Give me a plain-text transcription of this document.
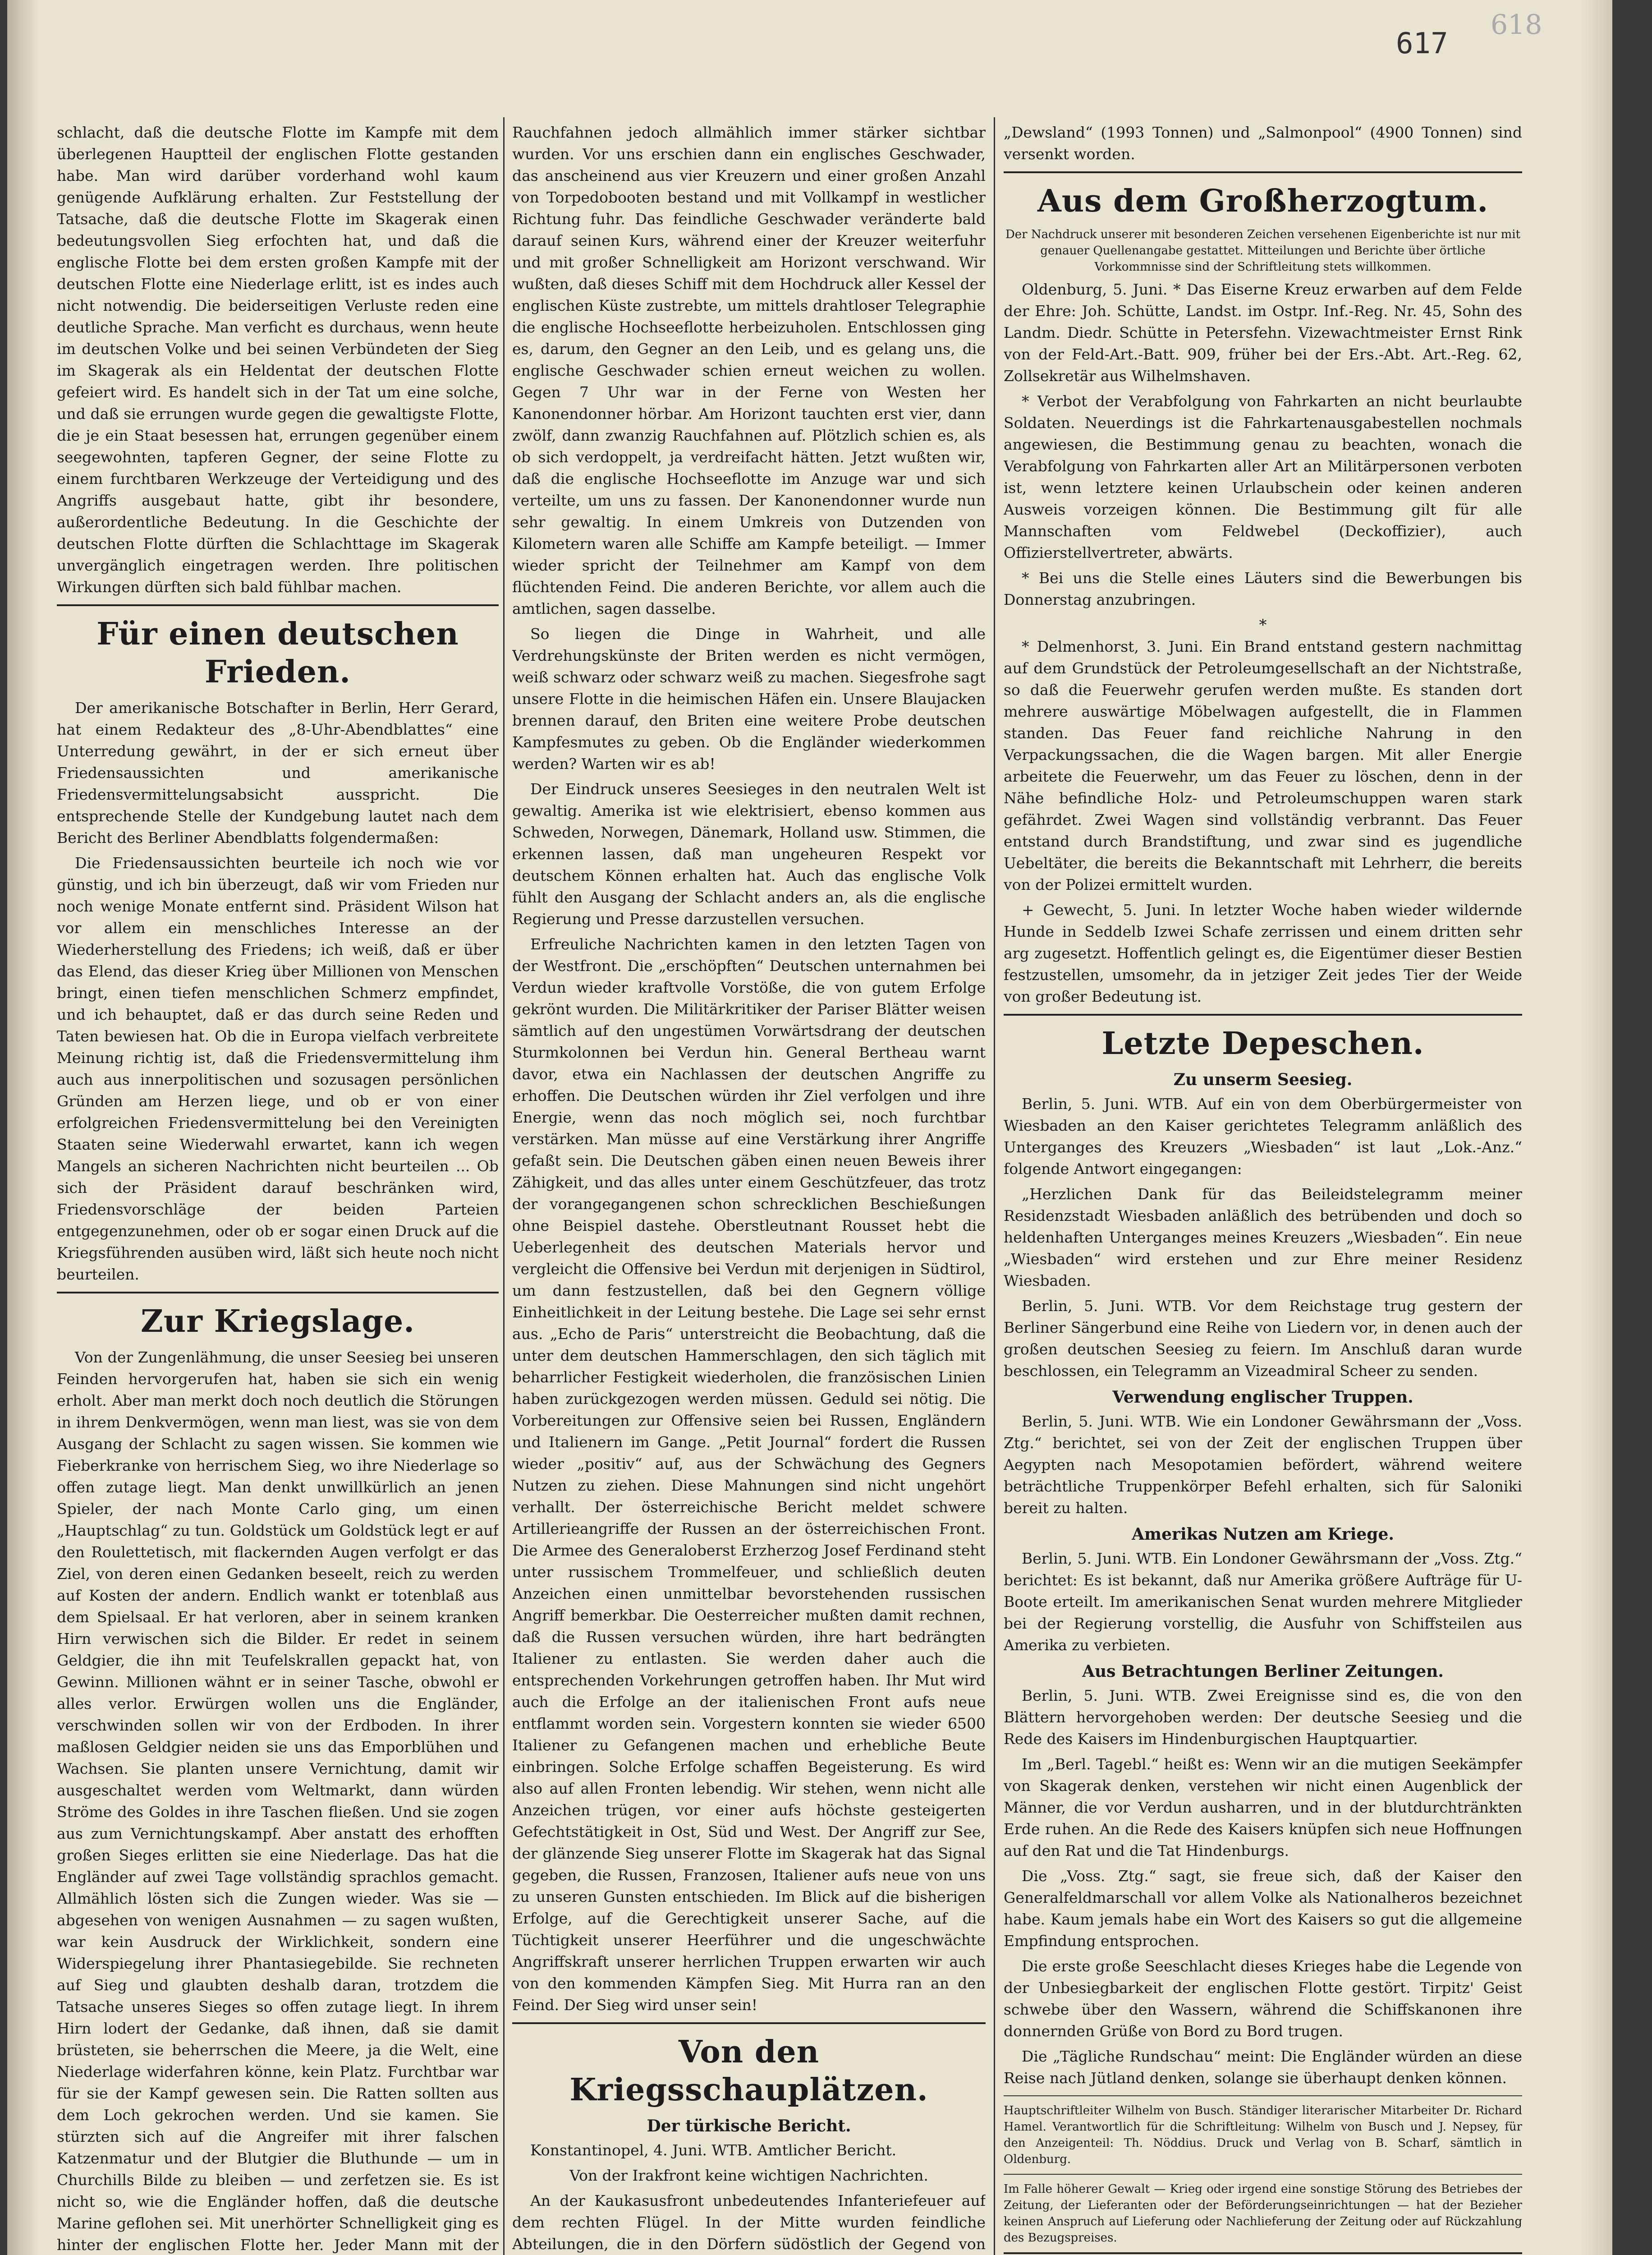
618
617

schlacht, daß die deutsche Flotte im Kampfe mit dem überlegenen Hauptteil der englischen Flotte gestanden habe. Man wird darüber vorderhand wohl kaum genügende Aufklärung erhalten. Zur Feststellung der Tatsache, daß die deutsche Flotte im Skagerak einen bedeutungsvollen Sieg erfochten hat, und daß die englische Flotte bei dem ersten großen Kampfe mit der deutschen Flotte eine Niederlage erlitt, ist es indes auch nicht notwendig. Die beiderseitigen Verluste reden eine deutliche Sprache. Man verficht es durchaus, wenn heute im deutschen Volke und bei seinen Verbündeten der Sieg im Skagerak als ein Heldentat der deutschen Flotte gefeiert wird. Es handelt sich in der Tat um eine solche, und daß sie errungen wurde gegen die gewaltigste Flotte, die je ein Staat besessen hat, errungen gegenüber einem seegewohnten, tapferen Gegner, der seine Flotte zu einem furchtbaren Werkzeuge der Verteidigung und des Angriffs ausgebaut hatte, gibt ihr besondere, außerordentliche Bedeutung. In die Geschichte der deutschen Flotte dürften die Schlachttage im Skagerak unvergänglich eingetragen werden. Ihre politischen Wirkungen dürften sich bald fühlbar machen.

Für einen deutschen Frieden.

Der amerikanische Botschafter in Berlin, Herr Gerard, hat einem Redakteur des „8-Uhr-Abendblattes“ eine Unterredung gewährt, in der er sich erneut über Friedensaussichten und amerikanische Friedensvermittelungsabsicht ausspricht. Die entsprechende Stelle der Kundgebung lautet nach dem Bericht des Berliner Abendblatts folgendermaßen:

Die Friedensaussichten beurteile ich noch wie vor günstig, und ich bin überzeugt, daß wir vom Frieden nur noch wenige Monate entfernt sind. Präsident Wilson hat vor allem ein menschliches Interesse an der Wiederherstellung des Friedens; ich weiß, daß er über das Elend, das dieser Krieg über Millionen von Menschen bringt, einen tiefen menschlichen Schmerz empfindet, und ich behauptet, daß er das durch seine Reden und Taten bewiesen hat. Ob die in Europa vielfach verbreitete Meinung richtig ist, daß die Friedensvermittelung ihm auch aus innerpolitischen und sozusagen persönlichen Gründen am Herzen liege, und ob er von einer erfolgreichen Friedensvermittelung bei den Vereinigten Staaten seine Wiederwahl erwartet, kann ich wegen Mangels an sicheren Nachrichten nicht beurteilen ... Ob sich der Präsident darauf beschränken wird, Friedensvorschläge der beiden Parteien entgegenzunehmen, oder ob er sogar einen Druck auf die Kriegsführenden ausüben wird, läßt sich heute noch nicht beurteilen.

Zur Kriegslage.

Von der Zungenlähmung, die unser Seesieg bei unseren Feinden hervorgerufen hat, haben sie sich ein wenig erholt. Aber man merkt doch noch deutlich die Störungen in ihrem Denkvermögen, wenn man liest, was sie von dem Ausgang der Schlacht zu sagen wissen. Sie kommen wie Fieberkranke von herrischem Sieg, wo ihre Niederlage so offen zutage liegt. Man denkt unwillkürlich an jenen Spieler, der nach Monte Carlo ging, um einen „Hauptschlag“ zu tun. Goldstück um Goldstück legt er auf den Roulettetisch, mit flackernden Augen verfolgt er das Ziel, von deren einen Gedanken beseelt, reich zu werden auf Kosten der andern. Endlich wankt er totenblaß aus dem Spielsaal. Er hat verloren, aber in seinem kranken Hirn verwischen sich die Bilder. Er redet in seinem Geldgier, die ihn mit Teufelskrallen gepackt hat, von Gewinn. Millionen wähnt er in seiner Tasche, obwohl er alles verlor. Erwürgen wollen uns die Engländer, verschwinden sollen wir von der Erdboden. In ihrer maßlosen Geldgier neiden sie uns das Emporblühen und Wachsen. Sie planten unsere Vernichtung, damit wir ausgeschaltet werden vom Weltmarkt, dann würden Ströme des Goldes in ihre Taschen fließen. Und sie zogen aus zum Vernichtungskampf. Aber anstatt des erhofften großen Sieges erlitten sie eine Niederlage. Das hat die Engländer auf zwei Tage vollständig sprachlos gemacht. Allmählich lösten sich die Zungen wieder. Was sie — abgesehen von wenigen Ausnahmen — zu sagen wußten, war kein Ausdruck der Wirklichkeit, sondern eine Widerspiegelung ihrer Phantasiegebilde. Sie rechneten auf Sieg und glaubten deshalb daran, trotzdem die Tatsache unseres Sieges so offen zutage liegt. In ihrem Hirn lodert der Gedanke, daß ihnen, daß sie damit brüsteten, sie beherrschen die Meere, ja die Welt, eine Niederlage widerfahren könne, kein Platz. Furchtbar war für sie der Kampf gewesen sein. Die Ratten sollten aus dem Loch gekrochen werden. Und sie kamen. Sie stürzten sich auf die Angreifer mit ihrer falschen Katzenmatur und der Blutgier die Bluthunde — um in Churchills Bilde zu bleiben — und zerfetzen sie. Es ist nicht so, wie die Engländer hoffen, daß die deutsche Marine geflohen sei. Mit unerhörter Schnelligkeit ging es hinter der englischen Flotte her. Jeder Mann mit der

Rauchfahnen jedoch allmählich immer stärker sichtbar wurden. Vor uns erschien dann ein englisches Geschwader, das anscheinend aus vier Kreuzern und einer großen Anzahl von Torpedobooten bestand und mit Vollkampf in westlicher Richtung fuhr. Das feindliche Geschwader veränderte bald darauf seinen Kurs, während einer der Kreuzer weiterfuhr und mit großer Schnelligkeit am Horizont verschwand. Wir wußten, daß dieses Schiff mit dem Hochdruck aller Kessel der englischen Küste zustrebte, um mittels drahtloser Telegraphie die englische Hochseeflotte herbeizuholen. Entschlossen ging es, darum, den Gegner an den Leib, und es gelang uns, die englische Geschwader schien erneut weichen zu wollen. Gegen 7 Uhr war in der Ferne von Westen her Kanonendonner hörbar. Am Horizont tauchten erst vier, dann zwölf, dann zwanzig Rauchfahnen auf. Plötzlich schien es, als ob sich verdoppelt, ja verdreifacht hätten. Jetzt wußten wir, daß die englische Hochseeflotte im Anzuge war und sich verteilte, um uns zu fassen. Der Kanonendonner wurde nun sehr gewaltig. In einem Umkreis von Dutzenden von Kilometern waren alle Schiffe am Kampfe beteiligt. — Immer wieder spricht der Teilnehmer am Kampf von dem flüchtenden Feind. Die anderen Berichte, vor allem auch die amtlichen, sagen dasselbe.

So liegen die Dinge in Wahrheit, und alle Verdrehungskünste der Briten werden es nicht vermögen, weiß schwarz oder schwarz weiß zu machen. Siegesfrohe sagt unsere Flotte in die heimischen Häfen ein. Unsere Blaujacken brennen darauf, den Briten eine weitere Probe deutschen Kampfesmutes zu geben. Ob die Engländer wiederkommen werden? Warten wir es ab!

Der Eindruck unseres Seesieges in den neutralen Welt ist gewaltig. Amerika ist wie elektrisiert, ebenso kommen aus Schweden, Norwegen, Dänemark, Holland usw. Stimmen, die erkennen lassen, daß man ungeheuren Respekt vor deutschem Können erhalten hat. Auch das englische Volk fühlt den Ausgang der Schlacht anders an, als die englische Regierung und Presse darzustellen versuchen.

Erfreuliche Nachrichten kamen in den letzten Tagen von der Westfront. Die „erschöpften“ Deutschen unternahmen bei Verdun wieder kraftvolle Vorstöße, die von gutem Erfolge gekrönt wurden. Die Militärkritiker der Pariser Blätter weisen sämtlich auf den ungestümen Vorwärtsdrang der deutschen Sturmkolonnen bei Verdun hin. General Bertheau warnt davor, etwa ein Nachlassen der deutschen Angriffe zu erhoffen. Die Deutschen würden ihr Ziel verfolgen und ihre Energie, wenn das noch möglich sei, noch furchtbar verstärken. Man müsse auf eine Verstärkung ihrer Angriffe gefaßt sein. Die Deutschen gäben einen neuen Beweis ihrer Zähigkeit, und das alles unter einem Geschützfeuer, das trotz der vorangegangenen schon schrecklichen Beschießungen ohne Beispiel dastehe. Oberstleutnant Rousset hebt die Ueberlegenheit des deutschen Materials hervor und vergleicht die Offensive bei Verdun mit derjenigen in Südtirol, um dann festzustellen, daß bei den Gegnern völlige Einheitlichkeit in der Leitung bestehe. Die Lage sei sehr ernst aus. „Echo de Paris“ unterstreicht die Beobachtung, daß die unter dem deutschen Hammerschlagen, den sich täglich mit beharrlicher Festigkeit wiederholen, die französischen Linien haben zurückgezogen werden müssen. Geduld sei nötig. Die Vorbereitungen zur Offensive seien bei Russen, Engländern und Italienern im Gange. „Petit Journal“ fordert die Russen wieder „positiv“ auf, aus der Schwächung des Gegners Nutzen zu ziehen. Diese Mahnungen sind nicht ungehört verhallt. Der österreichische Bericht meldet schwere Artillerieangriffe der Russen an der österreichischen Front. Die Armee des Generaloberst Erzherzog Josef Ferdinand steht unter russischem Trommelfeuer, und schließlich deuten Anzeichen einen unmittelbar bevorstehenden russischen Angriff bemerkbar. Die Oesterreicher mußten damit rechnen, daß die Russen versuchen würden, ihre hart bedrängten Italiener zu entlasten. Sie werden daher auch die entsprechenden Vorkehrungen getroffen haben. Ihr Mut wird auch die Erfolge an der italienischen Front aufs neue entflammt worden sein. Vorgestern konnten sie wieder 6500 Italiener zu Gefangenen machen und erhebliche Beute einbringen. Solche Erfolge schaffen Begeisterung. Es wird also auf allen Fronten lebendig. Wir stehen, wenn nicht alle Anzeichen trügen, vor einer aufs höchste gesteigerten Gefechtstätigkeit in Ost, Süd und West. Der Angriff zur See, der glänzende Sieg unserer Flotte im Skagerak hat das Signal gegeben, die Russen, Franzosen, Italiener aufs neue von uns zu unseren Gunsten entschieden. Im Blick auf die bisherigen Erfolge, auf die Gerechtigkeit unserer Sache, auf die Tüchtigkeit unserer Heerführer und die ungeschwächte Angriffskraft unserer herrlichen Truppen erwarten wir auch von den kommenden Kämpfen Sieg. Mit Hurra ran an den Feind. Der Sieg wird unser sein!

Von den Kriegsschauplätzen.
Der türkische Bericht.

Konstantinopel, 4. Juni. WTB. Amtlicher Bericht.

Von der Irakfront keine wichtigen Nachrichten.

An der Kaukasusfront unbedeutendes Infanteriefeuer auf dem rechten Flügel. In der Mitte wurden feindliche Abteilungen, die in den Dörfern südöstlich der Gegend von

„Dewsland“ (1993 Tonnen) und „Salmonpool“ (4900 Tonnen) sind versenkt worden.

Aus dem Großherzogtum.

Der Nachdruck unserer mit besonderen Zeichen versehenen Eigenberichte ist nur mit genauer Quellenangabe gestattet. Mitteilungen und Berichte über örtliche Vorkommnisse sind der Schriftleitung stets willkommen.

Oldenburg, 5. Juni. * Das Eiserne Kreuz erwarben auf dem Felde der Ehre: Joh. Schütte, Landst. im Ostpr. Inf.-Reg. Nr. 45, Sohn des Landm. Diedr. Schütte in Petersfehn. Vizewachtmeister Ernst Rink von der Feld-Art.-Batt. 909, früher bei der Ers.-Abt. Art.-Reg. 62, Zollsekretär aus Wilhelmshaven.

* Verbot der Verabfolgung von Fahrkarten an nicht beurlaubte Soldaten. Neuerdings ist die Fahrkartenausgabestellen nochmals angewiesen, die Bestimmung genau zu beachten, wonach die Verabfolgung von Fahrkarten aller Art an Militärpersonen verboten ist, wenn letztere keinen Urlaubschein oder keinen anderen Ausweis vorzeigen können. Die Bestimmung gilt für alle Mannschaften vom Feldwebel (Deckoffizier), auch Offizierstellvertreter, abwärts.

* Bei uns die Stelle eines Läuters sind die Bewerbungen bis Donnerstag anzubringen.

*

* Delmenhorst, 3. Juni. Ein Brand entstand gestern nachmittag auf dem Grundstück der Petroleumgesellschaft an der Nichtstraße, so daß die Feuerwehr gerufen werden mußte. Es standen dort mehrere auswärtige Möbelwagen aufgestellt, die in Flammen standen. Das Feuer fand reichliche Nahrung in den Verpackungssachen, die die Wagen bargen. Mit aller Energie arbeitete die Feuerwehr, um das Feuer zu löschen, denn in der Nähe befindliche Holz- und Petroleumschuppen waren stark gefährdet. Zwei Wagen sind vollständig verbrannt. Das Feuer entstand durch Brandstiftung, und zwar sind es jugendliche Uebeltäter, die bereits die Bekanntschaft mit Lehrherr, die bereits von der Polizei ermittelt wurden.

+ Gewecht, 5. Juni. In letzter Woche haben wieder wildernde Hunde in Seddelb Izwei Schafe zerrissen und einem dritten sehr arg zugesetzt. Hoffentlich gelingt es, die Eigentümer dieser Bestien festzustellen, umsomehr, da in jetziger Zeit jedes Tier der Weide von großer Bedeutung ist.

Letzte Depeschen.
Zu unserm Seesieg.

Berlin, 5. Juni. WTB. Auf ein von dem Oberbürgermeister von Wiesbaden an den Kaiser gerichtetes Telegramm anläßlich des Unterganges des Kreuzers „Wiesbaden“ ist laut „Lok.-Anz.“ folgende Antwort eingegangen:

„Herzlichen Dank für das Beileidstelegramm meiner Residenzstadt Wiesbaden anläßlich des betrübenden und doch so heldenhaften Unterganges meines Kreuzers „Wiesbaden“. Ein neue „Wiesbaden“ wird erstehen und zur Ehre meiner Residenz Wiesbaden.

Berlin, 5. Juni. WTB. Vor dem Reichstage trug gestern der Berliner Sängerbund eine Reihe von Liedern vor, in denen auch der großen deutschen Seesieg zu feiern. Im Anschluß daran wurde beschlossen, ein Telegramm an Vizeadmiral Scheer zu senden.

Verwendung englischer Truppen.

Berlin, 5. Juni. WTB. Wie ein Londoner Gewährsmann der „Voss. Ztg.“ berichtet, sei von der Zeit der englischen Truppen über Aegypten nach Mesopotamien befördert, während weitere beträchtliche Truppenkörper Befehl erhalten, sich für Saloniki bereit zu halten.

Amerikas Nutzen am Kriege.

Berlin, 5. Juni. WTB. Ein Londoner Gewährsmann der „Voss. Ztg.“ berichtet: Es ist bekannt, daß nur Amerika größere Aufträge für U-Boote erteilt. Im amerikanischen Senat wurden mehrere Mitglieder bei der Regierung vorstellig, die Ausfuhr von Schiffsteilen aus Amerika zu verbieten.

Aus Betrachtungen Berliner Zeitungen.

Berlin, 5. Juni. WTB. Zwei Ereignisse sind es, die von den Blättern hervorgehoben werden: Der deutsche Seesieg und die Rede des Kaisers im Hindenburgischen Hauptquartier.

Im „Berl. Tagebl.“ heißt es: Wenn wir an die mutigen Seekämpfer von Skagerak denken, verstehen wir nicht einen Augenblick der Männer, die vor Verdun ausharren, und in der blutdurchtränkten Erde ruhen. An die Rede des Kaisers knüpfen sich neue Hoffnungen auf den Rat und die Tat Hindenburgs.

Die „Voss. Ztg.“ sagt, sie freue sich, daß der Kaiser den Generalfeldmarschall vor allem Volke als Nationalheros bezeichnet habe. Kaum jemals habe ein Wort des Kaisers so gut die allgemeine Empfindung entsprochen.

Die erste große Seeschlacht dieses Krieges habe die Legende von der Unbesiegbarkeit der englischen Flotte gestört. Tirpitz' Geist schwebe über den Wassern, während die Schiffskanonen ihre donnernden Grüße von Bord zu Bord trugen.

Die „Tägliche Rundschau“ meint: Die Engländer würden an diese Reise nach Jütland denken, solange sie überhaupt denken können.

Hauptschriftleiter Wilhelm von Busch. Ständiger literarischer Mitarbeiter Dr. Richard Hamel. Verantwortlich für die Schriftleitung: Wilhelm von Busch und J. Nepsey, für den Anzeigenteil: Th. Nöddius. Druck und Verlag von B. Scharf, sämtlich in Oldenburg.

Im Falle höherer Gewalt — Krieg oder irgend eine sonstige Störung des Betriebes der Zeitung, der Lieferanten oder der Beförderungseinrichtungen — hat der Bezieher keinen Anspruch auf Lieferung oder Nachlieferung der Zeitung oder auf Rückzahlung des Bezugspreises.
